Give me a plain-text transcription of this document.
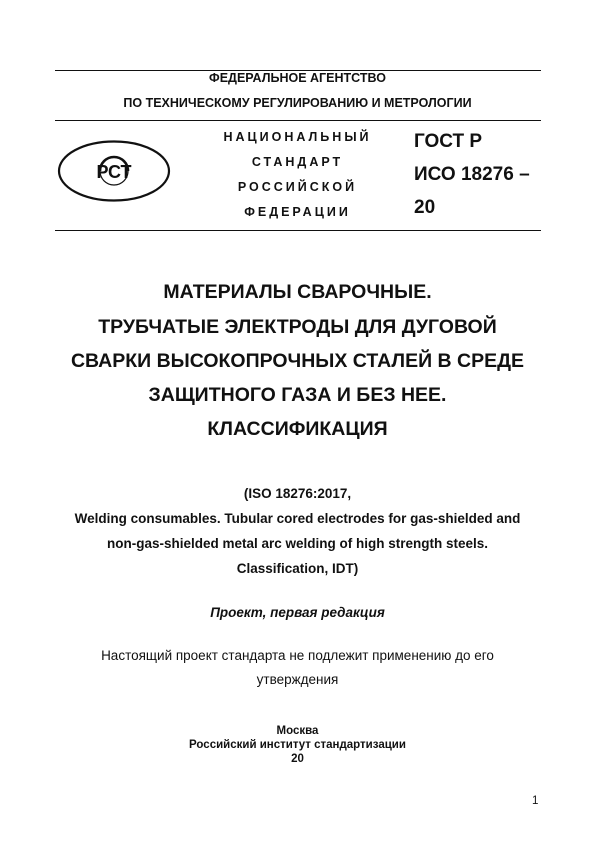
ФЕДЕРАЛЬНОЕ АГЕНТСТВО
ПО ТЕХНИЧЕСКОМУ РЕГУЛИРОВАНИЮ И МЕТРОЛОГИИ
РСТ
НАЦИОНАЛЬНЫЙ
СТАНДАРТ
РОССИЙСКОЙ
ФЕДЕРАЦИИ
ГОСТ Р
ИСО 18276 –
20
МАТЕРИАЛЫ СВАРОЧНЫЕ.
ТРУБЧАТЫЕ ЭЛЕКТРОДЫ ДЛЯ ДУГОВОЙ
СВАРКИ ВЫСОКОПРОЧНЫХ СТАЛЕЙ В СРЕДЕ
ЗАЩИТНОГО ГАЗА И БЕЗ НЕЕ.
КЛАССИФИКАЦИЯ
(ISO 18276:2017,
Welding consumables. Tubular cored electrodes for gas-shielded and
non-gas-shielded metal arc welding of high strength steels.
Classification, IDT)
Проект, первая редакция
Настоящий проект стандарта не подлежит применению до его
утверждения
Москва
Российский институт стандартизации
20
1
